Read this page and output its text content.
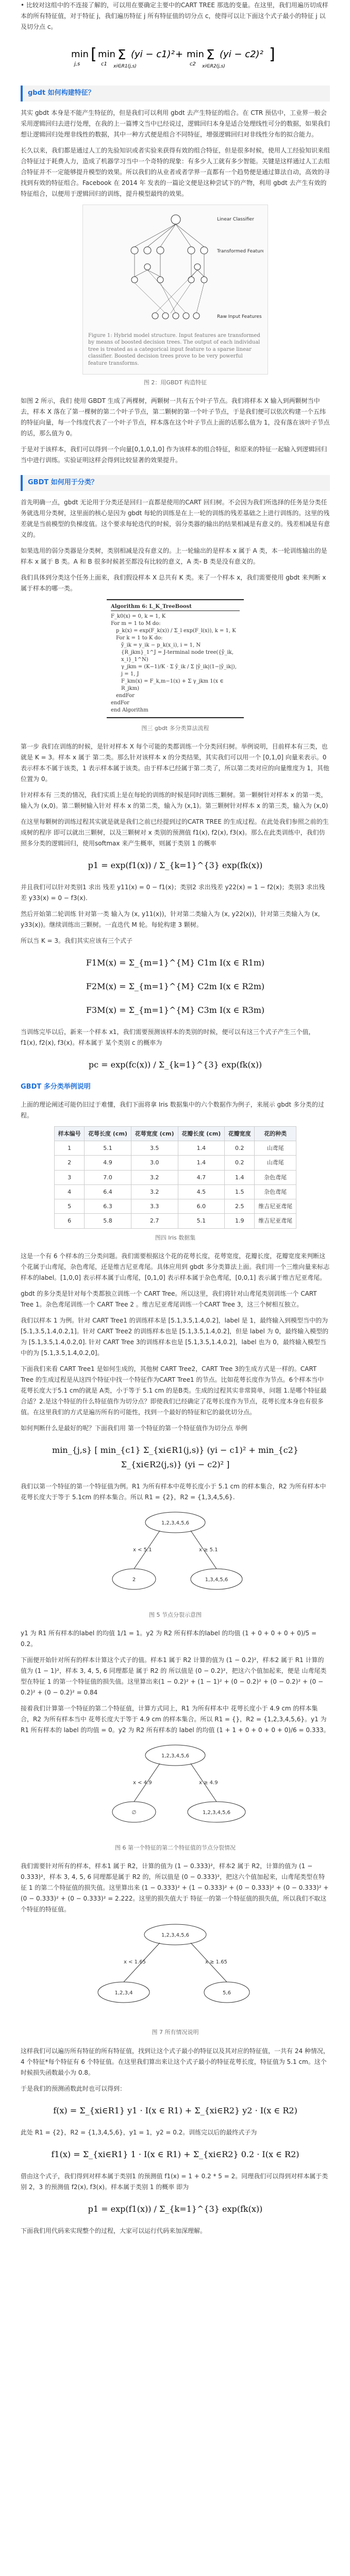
• 比较对这组中的不连接了解的，可以用在要确定主要中的CART TREE 那选的变量。在这里，我们用遍历切成样本的所有特征值，对于特征 j，我们遍历特征 j 所有特征值的切分点 c，使得可以让下面这个式子最小的特征 j 以及切分点 c。

min
j,s
[ min
c1
Σ
xi∈R1(j,s)
(yi − c1)² + min
c2
Σ
xi∈R2(j,s)
(yi − c2)² ]
gbdt 如何构建特征？

其实 gbdt 本身是不能产生特征的，但是我们可以利用 gbdt 去产生特征的组合。在 CTR 预估中，工业界一般会采用逻辑回归去进行处理，在我的上一篇博文当中已经说过，逻辑回归本身是适合处理线性可分的数据，如果我们想让逻辑回归处理非线性的数据，其中一种方式便是组合不同特征，增强逻辑回归对非线性分布的拟合能力。

长久以来，我们都是通过人工的先验知识或者实验来获得有效的组合特征，但是很多时候，使用人工经验知识来组合特征过于耗费人力，造成了机器学习当中一个奇特的现象：有多少人工就有多少智能。关键是这样通过人工去组合特征并不一定能够提升模型的效果。所以我们的从业者或者学界一直都有一个趋势便是通过算法自动，高效的寻找到有效的特征组合。Facebook 在 2014 年 发表的一篇论文便是这种尝试下的产物，利用 gbdt 去产生有效的特征组合，以便用于逻辑回归的训练，提升模型最终的效果。

Linear Classifier
Transformed Features
Raw Input Features
Figure 1: Hybrid model structure. Input features are transformed by means of boosted decision trees. The output of each individual tree is treated as a categorical input feature to a sparse linear classifier. Boosted decision trees prove to be very powerful feature transforms.
图 2：用GBDT 构造特征

如图 2 所示，我们 使用 GBDT 生成了两棵树，两颗树一共有五个叶子节点。我们将样本 X 输入到两颗树当中去，样本 X 落在了第一棵树的第二个叶子节点，第二颗树的第一个叶子节点，于是我们便可以依次构建一个五纬的特征向量，每一个纬度代表了一个叶子节点，样本落在这个叶子节点上面的话那么值为 1，没有落在该叶子节点的话，那么值为 0。

于是对于该样本，我们可以得到一个向量[0,1,0,1,0] 作为该样本的组合特征，和原来的特征一起输入到逻辑回归当中进行训练。实验证明这样会得到比较显著的效果提升。

GBDT 如何用于分类？

首先明确一点，gbdt 无论用于分类还是回归一直都是使用的CART 回归树。不会因为我们所选择的任务是分类任务就选用分类树，这里面的核心是因为 gbdt 每轮的训练是在上一轮的训练的残差基础之上进行训练的。这里的残差就是当前模型的负梯度值。这个要求每轮迭代的时候，弱分类器的输出的结果相减是有意义的。残差相减是有意义的。

如果选用的弱分类器是分类树，类别相减是没有意义的。上一轮输出的是样本 x 属于 A 类，本一轮训练输出的是样本 x 属于 B 类。A 和 B 很多时候甚至都没有比较的意义，A 类- B 类是没有意义的。

我们具体到分类这个任务上面来，我们假设样本 X 总共有 K 类。来了一个样本 x，我们需要使用 gbdt 来判断 x 属于样本的哪一类。

Algorithm 6: L_K_TreeBoost
F_k0(x) = 0, k = 1, K
For m = 1 to M do:
p_k(x) = exp(F_k(x)) / Σ_l exp(F_l(x)), k = 1, K
For k = 1 to K do:
ỹ_ik = y_ik − p_k(x_i), i = 1, N
{R_jkm}_1^J = J-terminal node tree({ỹ_ik, x_i}_1^N)
γ_jkm = (K−1)/K · Σ ỹ_ik / Σ |ỹ_ik|(1−|ỹ_ik|), j = 1, J
F_km(x) = F_k,m−1(x) + Σ γ_jkm 1(x ∈ R_jkm)
endFor
endFor
end Algorithm
图三 gbdt 多分类算法流程

第一步 我们在训练的时候，是针对样本 X 每个可能的类都训练一个分类回归树。举例说明，目前样本有三类，也就是 K = 3。样本 x 属于 第二类。那么针对该样本 x 的分类结果，其实我们可以用一个 [0,1,0] 向量来表示。0 表示样本不属于该类，1 表示样本属于该类。由于样本已经属于第二类了，所以第二类对应的向量维度为 1，其他位置为 0。

针对样本有 三类的情况，我们实质上是在每轮的训练的时候是同时训练三颗树。第一颗树针对样本 x 的第一类，输入为 (x,0)。第二颗树输入针对 样本 x 的第二类，输入为 (x,1)。第三颗树针对样本 x 的第三类，输入为 (x,0)

在这里每颗树的训练过程其实就是就是我们之前已经提到过的CATR TREE 的生成过程。在此处我们参照之前的生成树的程序 即可以就出三颗树，以及三颗树对 x 类别的预测值 f1(x), f2(x), f3(x)。那么在此类训练中，我们仿照多分类的逻辑回归，使用softmax 来产生概率，则属于类别 1 的概率

p1 = exp(f1(x)) / Σ_{k=1}^{3} exp(fk(x))

并且我们可以针对类别1 求出 残差 y11(x) = 0 − f1(x)；类别2 求出残差 y22(x) = 1 − f2(x)；类别3 求出残差 y33(x) = 0 − f3(x).

然后开始第二轮训练 针对第一类 输入为 (x, y11(x))，针对第二类输入为 (x, y22(x))，针对第三类输入为 (x, y33(x))。继续训练出三颗树。一直迭代 M 轮。每轮构建 3 颗树。

所以当 K = 3。我们其实应该有三个式子

F1M(x) = Σ_{m=1}^{M} C1m I(x ∈ R1m)
F2M(x) = Σ_{m=1}^{M} C2m I(x ∈ R2m)
F3M(x) = Σ_{m=1}^{M} C3m I(x ∈ R3m)

当训练完毕以后，新来一个样本 x1，我们需要预测该样本的类别的时候，便可以有这三个式子产生三个值，f1(x), f2(x), f3(x)。样本属于 某个类别 c 的概率为

pc = exp(fc(x)) / Σ_{k=1}^{3} exp(fk(x))
GBDT 多分类举例说明

上面的理论阐述可能仍旧过于难懂，我们下面将拿 Iris 数据集中的六个数据作为例子，来展示 gbdt 多分类的过程。

样本编号	花萼长度 (cm)	花萼宽度 (cm)	花瓣长度 (cm)	花瓣宽度	花的种类
1	5.1	3.5	1.4	0.2	山鸢尾
2	4.9	3.0	1.4	0.2	山鸢尾
3	7.0	3.2	4.7	1.4	杂色鸢尾
4	6.4	3.2	4.5	1.5	杂色鸢尾
5	6.3	3.3	6.0	2.5	维吉尼亚鸢尾
6	5.8	2.7	5.1	1.9	维吉尼亚鸢尾
图四 Iris 数据集

这是一个有 6 个样本的三分类问题。我们需要根据这个花的花萼长度，花萼宽度，花瓣长度，花瓣宽度来判断这个花属于山鸢尾，杂色鸢尾，还是维吉尼亚鸢尾。具体应用到 gbdt 多分类算法上面。我们用一个三维向量来标志样本的label。[1,0,0] 表示样本属于山鸢尾，[0,1,0] 表示样本属于杂色鸢尾，[0,0,1] 表示属于维吉尼亚鸢尾。

gbdt 的多分类是针对每个类都独立训练一个 CART Tree。所以这里，我们将针对山鸢尾类别训练一个 CART Tree 1。杂色鸢尾训练一个 CART Tree 2 。维吉尼亚鸢尾训练一个CART Tree 3，这三个树相互独立。

我们以样本 1 为例。针对 CART Tree1 的训练样本是 [5.1,3.5,1.4,0.2]，label 是 1，最终输入到模型当中的为 [5.1,3.5,1.4,0.2,1]。针对 CART Tree2 的训练样本也是 [5.1,3.5,1.4,0.2]，但是 label 为 0，最终输入模型的为 [5.1,3.5,1.4,0.2,0]. 针对 CART Tree 3的训练样本也是 [5.1,3.5,1.4,0.2]，label 也为 0，最终输入模型当中的为 [5.1,3.5,1.4,0.2,0]。

下面我们来看 CART Tree1 是如何生成的，其他树 CART Tree2，CART Tree 3的生成方式是一样的。CART Tree 的生成过程是从这四个特征中找一个特征作为CART Tree1 的节点。比如花萼长度作为节点。6个样本当中花萼长度大于5.1 cm的就是 A类，小于等于 5.1 cm 的是B类。生成的过程其实非常简单，问题 1.是哪个特征最合适？2.是这个特征的什么特征值作为切分点？即使我们已经确定了花萼长度作为节点，花萼长度本身也有很多值。在这里我们的方式是遍历所有的可能性，找到一个最好的特征和它的最优切分点。

如何判断什么是最好的呢？下面我们用 第一个特征的第一个特征值作为切分点 举例

min_{j,s} [ min_{c1} Σ_{xi∈R1(j,s)} (yi − c1)² + min_{c2} Σ_{xi∈R2(j,s)} (yi − c2)² ]

我们以第一个特征的第一个特征值为例。R1 为所有样本中花萼长度小于 5.1 cm 的样本集合，R2 为所有样本中花萼长度大于等于 5.1cm 的样本集合。所以 R1 = {2}，R2 = {1,3,4,5,6}.

1,2,3,4,5,6
x < 5.1	x ≥ 5.1
2	1,3,4,5,6
图 5 节点分裂示意图

y1 为 R1 所有样本的label 的均值 1/1 = 1。y2 为 R2 所有样本的label 的均值 (1 + 0 + 0 + 0 + 0)/5 = 0.2。

下面便开始针对所有的样本计算这个式子的值。样本1 属于 R2 计算的值为 (1 − 0.2)²，样本2 属于 R1 计算的值为 (1 − 1)²，样本 3, 4, 5, 6 同理都是 属于 R2 的 所以值是 (0 − 0.2)²，把这六个值加起来，便是 山鸢尾类型在特征 1 的第一个特征值的损失值。这里算出来(1 − 0.2)² + (1 − 1)² + (0 − 0.2)² + (0 − 0.2)² + (0 − 0.2)² + (0 − 0.2)² = 0.84

接着我们计算第一个特征的第二个特征值，计算方式同上，R1 为所有样本中 花萼长度小于 4.9 cm 的样本集合，R2 为所有样本当中 花萼长度大于等于 4.9 cm 的样本集合。所以 R1 = {}，R2 = {1,2,3,4,5,6}。y1 为 R1 所有样本的 label 的均值 = 0。y2 为 R2 所有样本的 label 的均值 (1 + 1 + 0 + 0 + 0 + 0)/6 = 0.333。

1,2,3,4,5,6
x < 4.9	x ≥ 4.9
∅	1,2,3,4,5,6
图 6 第一个特征的第二个特征值的节点分裂情况

我们需要针对所有的样本，样本1 属于 R2，计算的值为 (1 − 0.333)²，样本2 属于 R2，计算的值为 (1 − 0.333)²，样本 3, 4, 5, 6 同理都是属于 R2 的，所以值是 (0 − 0.333)²，把这六个值加起来，山鸢尾类型在特征 1 的第二个特征值的损失值。这里算出来 (1 − 0.333)² + (1 − 0.333)² + (0 − 0.333)² + (0 − 0.333)² + (0 − 0.333)² + (0 − 0.333)² = 2.222。这里的损失值大于 特征一的第一个特征值的损失值，所以我们不取这个特征的特征值。

1,2,3,4,5,6
x < 1.65	x ≥ 1.65
1,2,3,4	5,6
图 7 所有情况说明

这样我们可以遍历所有特征的所有特征值，找到让这个式子最小的特征以及其对应的特征值，一共有 24 种情况，4 个特征*每个特征有 6 个特征值。在这里我们算出来让这个式子最小的特征花萼长度，特征值为 5.1 cm。这个时候损失函数最小为 0.8。

于是我们的预测函数此时也可以得到：

f(x) = Σ_{xi∈R1} y1 · I(x ∈ R1) + Σ_{xi∈R2} y2 · I(x ∈ R2)

此处 R1 = {2}，R2 = {1,3,4,5,6}，y1 = 1，y2 = 0.2。训练完以后的最终式子为

f1(x) = Σ_{xi∈R1} 1 · I(x ∈ R1) + Σ_{xi∈R2} 0.2 · I(x ∈ R2)

借由这个式子，我们得到对样本属于类别1 的预测值 f1(x) = 1 + 0.2 * 5 = 2。同理我们可以得到对样本属于类别 2，3 的预测值 f2(x), f3(x)。样本属于类别 1 的概率 即为

p1 = exp(f1(x)) / Σ_{k=1}^{3} exp(fk(x))

下面我们用代码来实现整个的过程，大家可以运行代码来加深理解。
